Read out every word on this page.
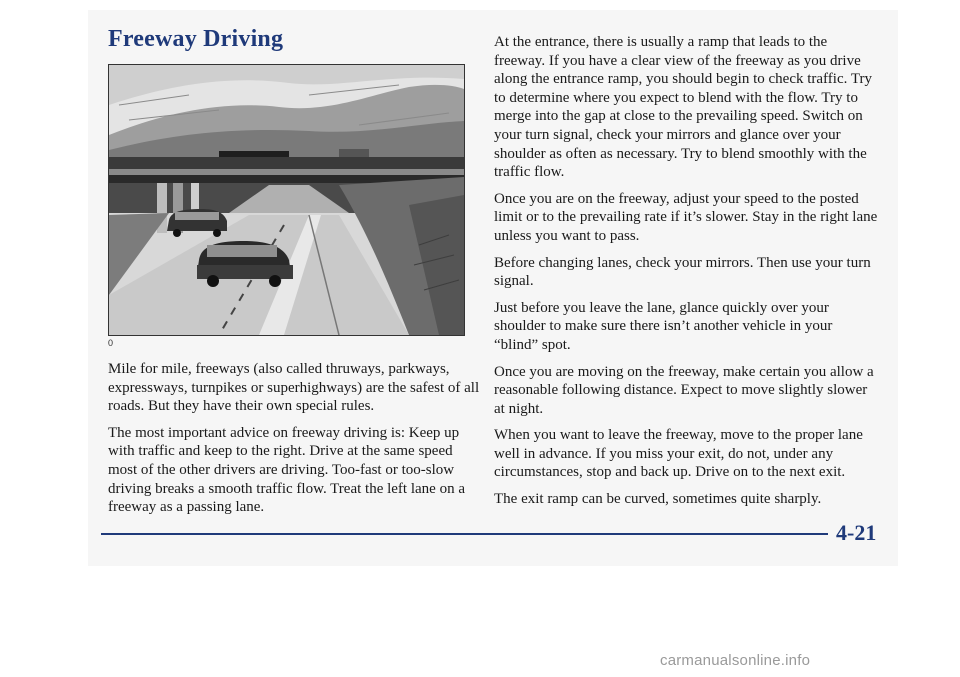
Freeway Driving
0

Mile for mile, freeways (also called thruways, parkways, expressways, turnpikes or superhighways) are the safest of all roads. But they have their own special rules.

The most important advice on freeway driving is: Keep up with traffic and keep to the right. Drive at the same speed most of the other drivers are driving. Too-fast or too-slow driving breaks a smooth traffic flow. Treat the left lane on a freeway as a passing lane.

At the entrance, there is usually a ramp that leads to the freeway. If you have a clear view of the freeway as you drive along the entrance ramp, you should begin to check traffic. Try to determine where you expect to blend with the flow. Try to merge into the gap at close to the prevailing speed. Switch on your turn signal, check your mirrors and glance over your shoulder as often as necessary. Try to blend smoothly with the traffic flow.

Once you are on the freeway, adjust your speed to the posted limit or to the prevailing rate if it’s slower. Stay in the right lane unless you want to pass.

Before changing lanes, check your mirrors. Then use your turn signal.

Just before you leave the lane, glance quickly over your shoulder to make sure there isn’t another vehicle in your “blind” spot.

Once you are moving on the freeway, make certain you allow a reasonable following distance. Expect to move slightly slower at night.

When you want to leave the freeway, move to the proper lane well in advance. If you miss your exit, do not, under any circumstances, stop and back up. Drive on to the next exit.

The exit ramp can be curved, sometimes quite sharply.

4-21
carmanualsonline.info
